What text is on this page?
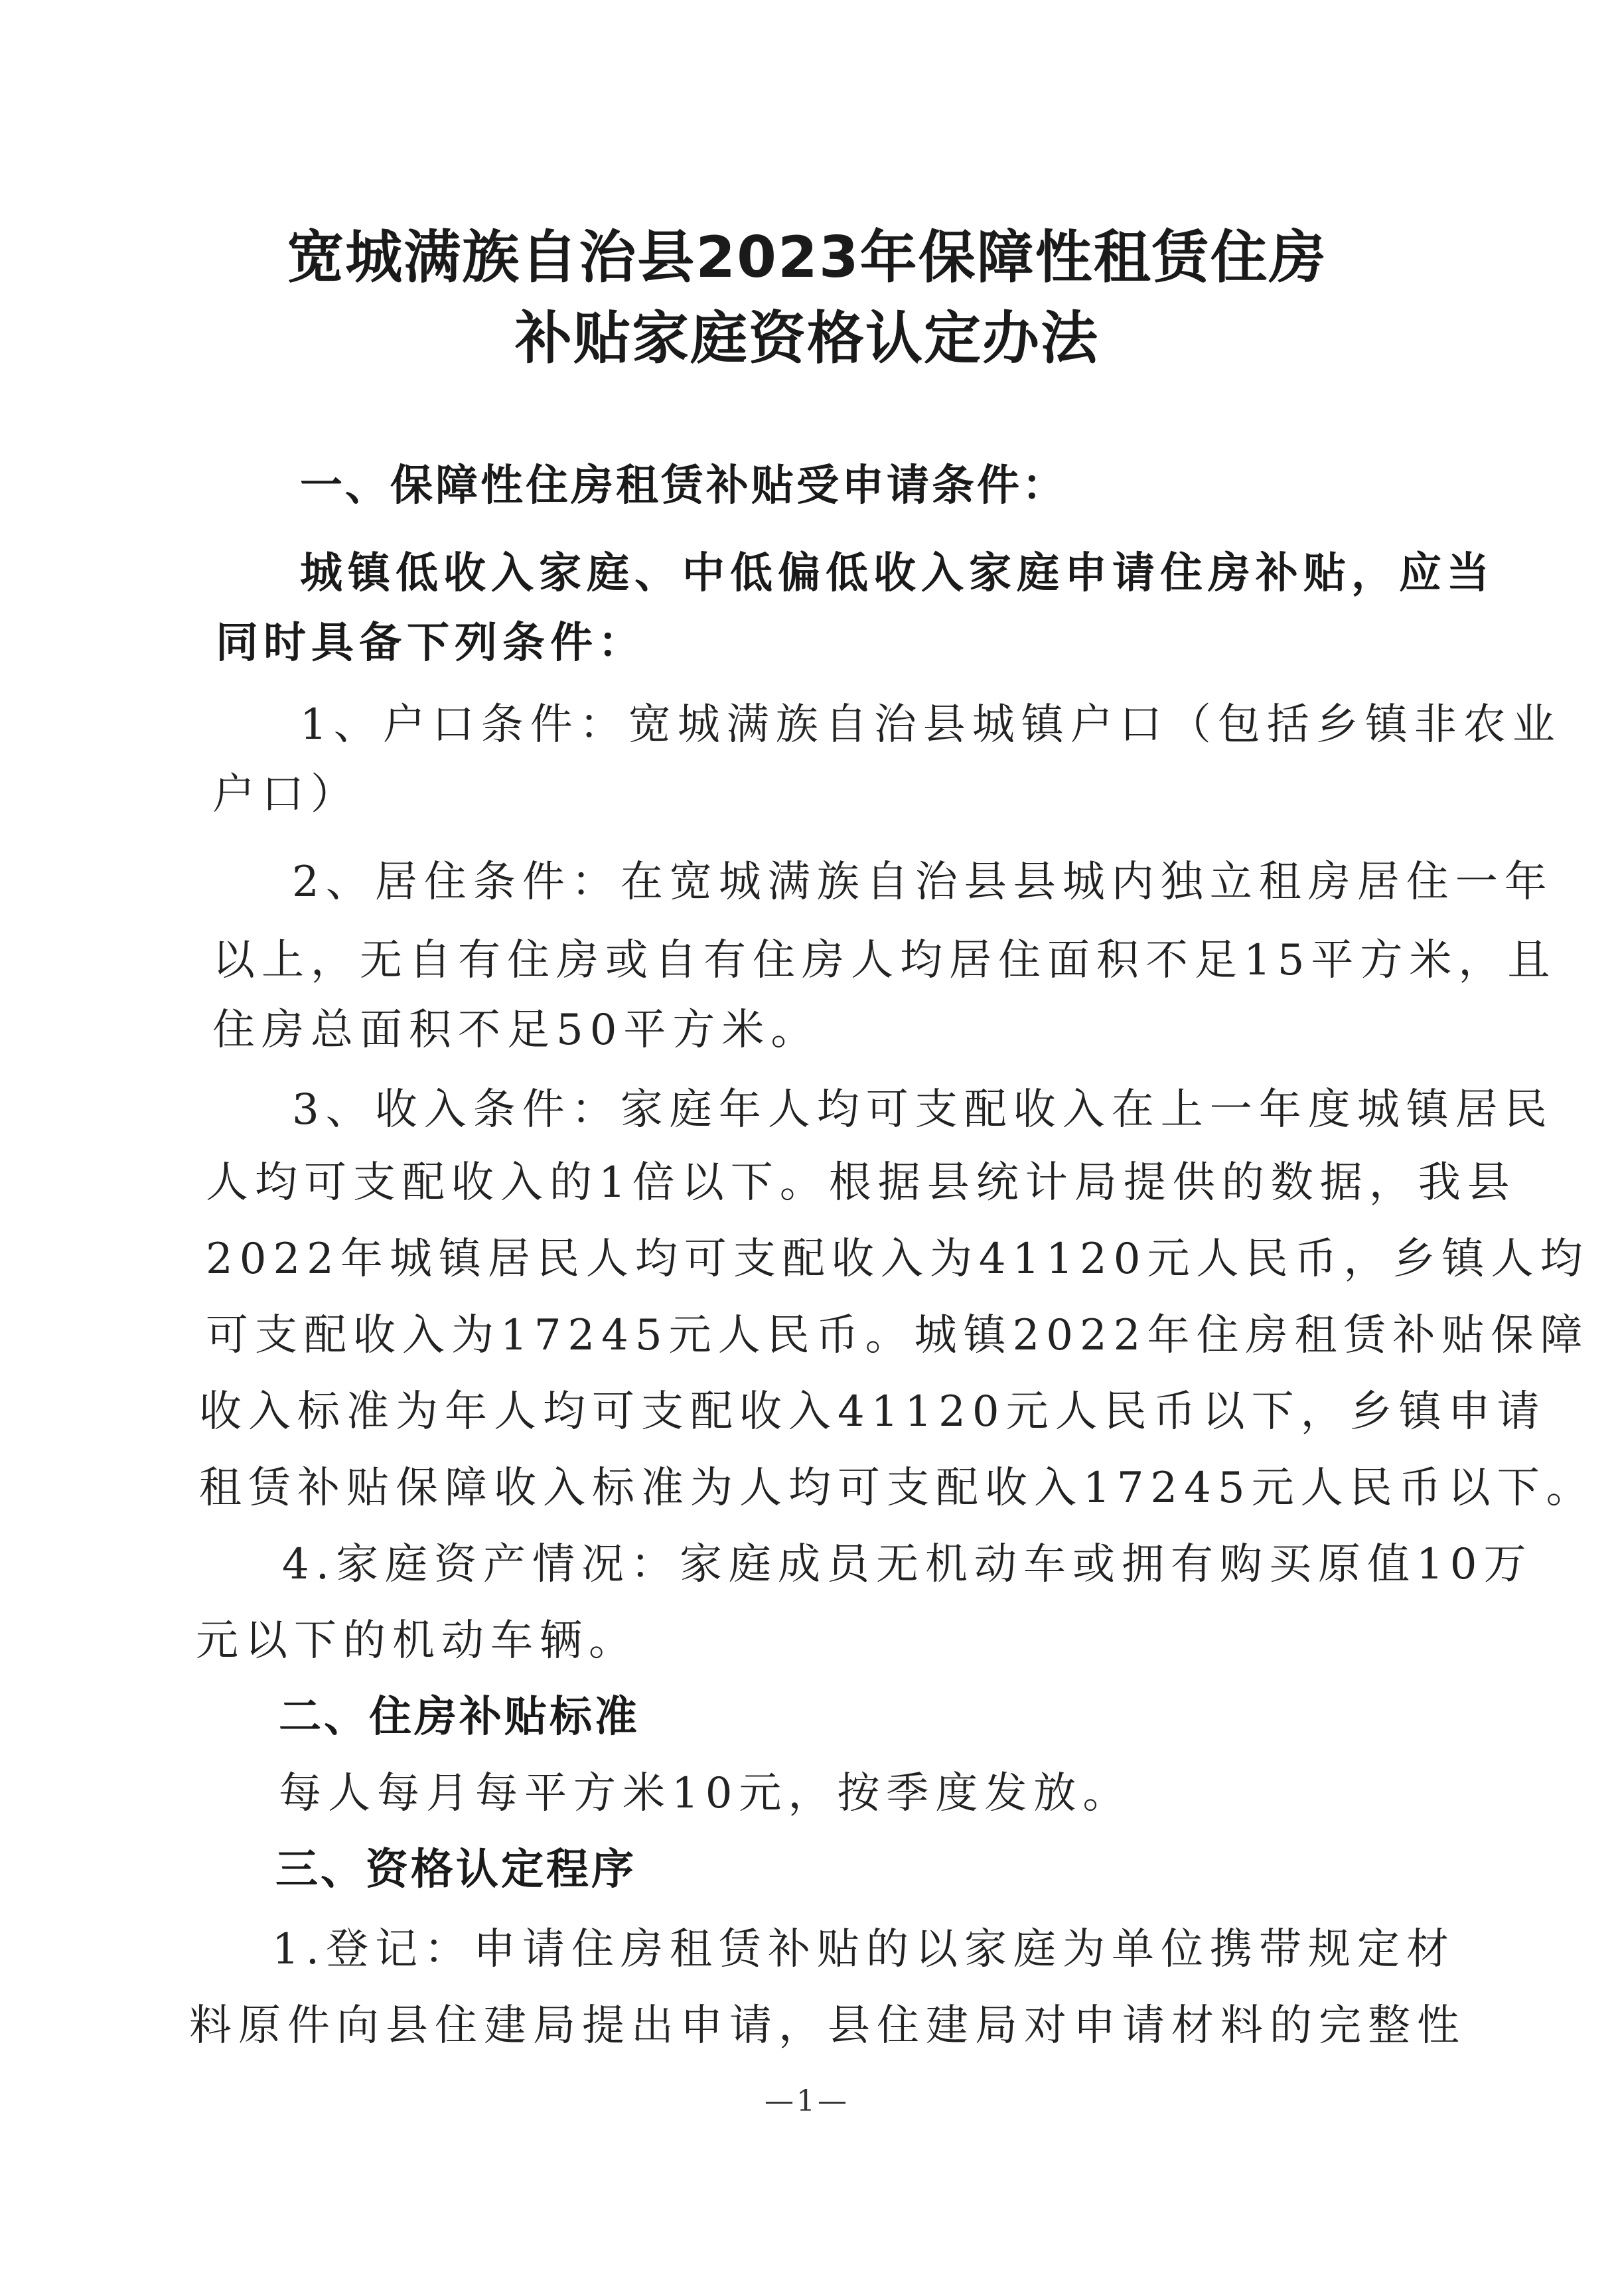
宽城满族自治县2023年保障性租赁住房
补贴家庭资格认定办法
一、保障性住房租赁补贴受申请条件：
城镇低收入家庭、中低偏低收入家庭申请住房补贴，应当
同时具备下列条件：
1、户口条件：宽城满族自治县城镇户口（包括乡镇非农业
户口）
2、居住条件：在宽城满族自治县县城内独立租房居住一年
以上，无自有住房或自有住房人均居住面积不足15平方米，且
住房总面积不足50平方米。
3、收入条件：家庭年人均可支配收入在上一年度城镇居民
人均可支配收入的1倍以下。根据县统计局提供的数据，我县
2022年城镇居民人均可支配收入为41120元人民币，乡镇人均
可支配收入为17245元人民币。城镇2022年住房租赁补贴保障
收入标准为年人均可支配收入41120元人民币以下，乡镇申请
租赁补贴保障收入标准为人均可支配收入17245元人民币以下。
4.家庭资产情况：家庭成员无机动车或拥有购买原值10万
元以下的机动车辆。
二、住房补贴标准
每人每月每平方米10元，按季度发放。
三、资格认定程序
1.登记：申请住房租赁补贴的以家庭为单位携带规定材
料原件向县住建局提出申请，县住建局对申请材料的完整性
—1—
